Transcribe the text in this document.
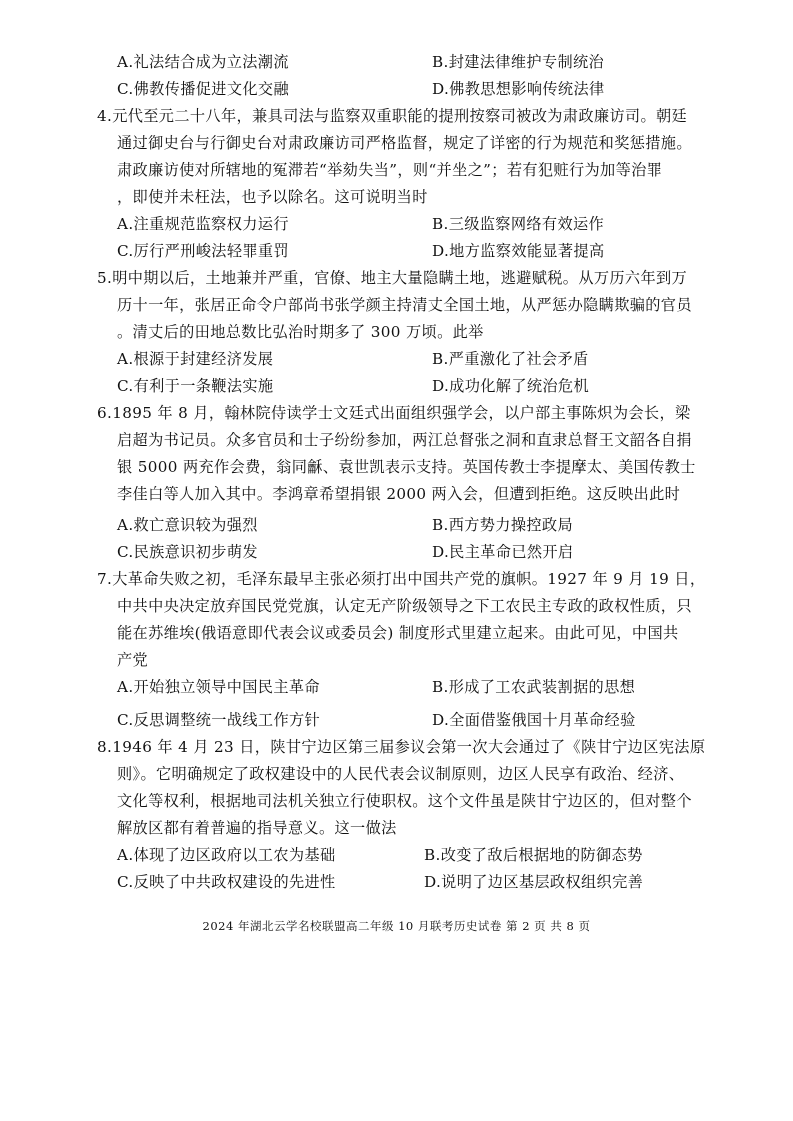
A.礼法结合成为立法潮流	B.封建法律维护专制统治
C.佛教传播促进文化交融	D.佛教思想影响传统法律
4.元代至元二十八年，兼具司法与监察双重职能的提刑按察司被改为肃政廉访司。朝廷
通过御史台与行御史台对肃政廉访司严格监督，规定了详密的行为规范和奖惩措施。
肃政廉访使对所辖地的冤滞若“举劾失当”，则“并坐之”；若有犯赃行为加等治罪
，即使并未枉法，也予以除名。这可说明当时
A.注重规范监察权力运行	B.三级监察网络有效运作
C.厉行严刑峻法轻罪重罚	D.地方监察效能显著提高
5.明中期以后，土地兼并严重，官僚、地主大量隐瞒土地，逃避赋税。从万历六年到万
历十一年，张居正命令户部尚书张学颜主持清丈全国土地，从严惩办隐瞒欺骗的官员
。清丈后的田地总数比弘治时期多了 300 万顷。此举
A.根源于封建经济发展	B.严重激化了社会矛盾
C.有利于一条鞭法实施	D.成功化解了统治危机
6.1895 年 8 月，翰林院侍读学士文廷式出面组织强学会，以户部主事陈炽为会长，梁
启超为书记员。众多官员和士子纷纷参加，两江总督张之洞和直隶总督王文韶各自捐
银 5000 两充作会费，翁同龢、袁世凯表示支持。英国传教士李提摩太、美国传教士
李佳白等人加入其中。李鸿章希望捐银 2000 两入会，但遭到拒绝。这反映出此时
A.救亡意识较为强烈	B.西方势力操控政局
C.民族意识初步萌发	D.民主革命已然开启
7.大革命失败之初，毛泽东最早主张必须打出中国共产党的旗帜。1927 年 9 月 19 日，
中共中央决定放弃国民党党旗，认定无产阶级领导之下工农民主专政的政权性质，只
能在苏维埃(俄语意即代表会议或委员会) 制度形式里建立起来。由此可见，中国共
产党
A.开始独立领导中国民主革命	B.形成了工农武装割据的思想
C.反思调整统一战线工作方针	D.全面借鉴俄国十月革命经验
8.1946 年 4 月 23 日，陕甘宁边区第三届参议会第一次大会通过了《陕甘宁边区宪法原
则》。它明确规定了政权建设中的人民代表会议制原则，边区人民享有政治、经济、
文化等权利，根据地司法机关独立行使职权。这个文件虽是陕甘宁边区的，但对整个
解放区都有着普遍的指导意义。这一做法
A.体现了边区政府以工农为基础	B.改变了敌后根据地的防御态势
C.反映了中共政权建设的先进性	D.说明了边区基层政权组织完善
2024 年湖北云学名校联盟高二年级 10 月联考历史试卷 第 2 页 共 8 页
